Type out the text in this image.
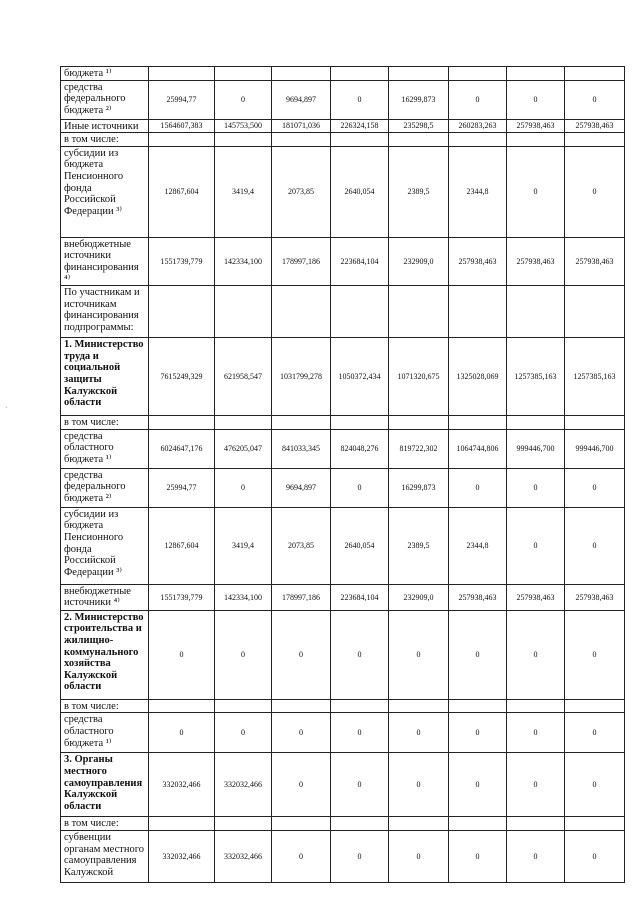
бюджета ¹⁾								
средства федерального бюджета ²⁾	25994,77	0	9694,897	0	16299,873	0	0	0
Иные источники	1564607,383	145753,500	181071,036	226324,158	235298,5	260283,263	257938,463	257938,463
в том числе:								
субсидии из бюджета Пенсионного фонда Российской Федерации ³⁾	12867,604	3419,4	2073,85	2640,054	2389,5	2344,8	0	0
внебюджетные источники финансирования ⁴⁾	1551739,779	142334,100	178997,186	223684,104	232909,0	257938,463	257938,463	257938,463
По участникам и источникам финансирования подпрограммы:								
1. Министерство труда и социальной защиты Калужской области	7615249,329	621958,547	1031799,278	1050372,434	1071320,675	1325028,069	1257385,163	1257385,163
в том числе:								
средства областного бюджета ¹⁾	6024647,176	476205,047	841033,345	824048,276	819722,302	1064744,806	999446,700	999446,700
средства федерального бюджета ²⁾	25994,77	0	9694,897	0	16299,873	0	0	0
субсидии из бюджета Пенсионного фонда Российской Федерации ³⁾	12867,604	3419,4	2073,85	2640,054	2389,5	2344,8	0	0
внебюджетные источники ⁴⁾	1551739,779	142334,100	178997,186	223684,104	232909,0	257938,463	257938,463	257938,463
2. Министерство строительства и жилищно-коммунального хозяйства Калужской области	0	0	0	0	0	0	0	0
в том числе:								
средства областного бюджета ¹⁾	0	0	0	0	0	0	0	0
3. Органы местного самоуправления Калужской области	332032,466	332032,466	0	0	0	0	0	0
в том числе:								
субвенции органам местного самоуправления Калужской	332032,466	332032,466	0	0	0	0	0	0
·
